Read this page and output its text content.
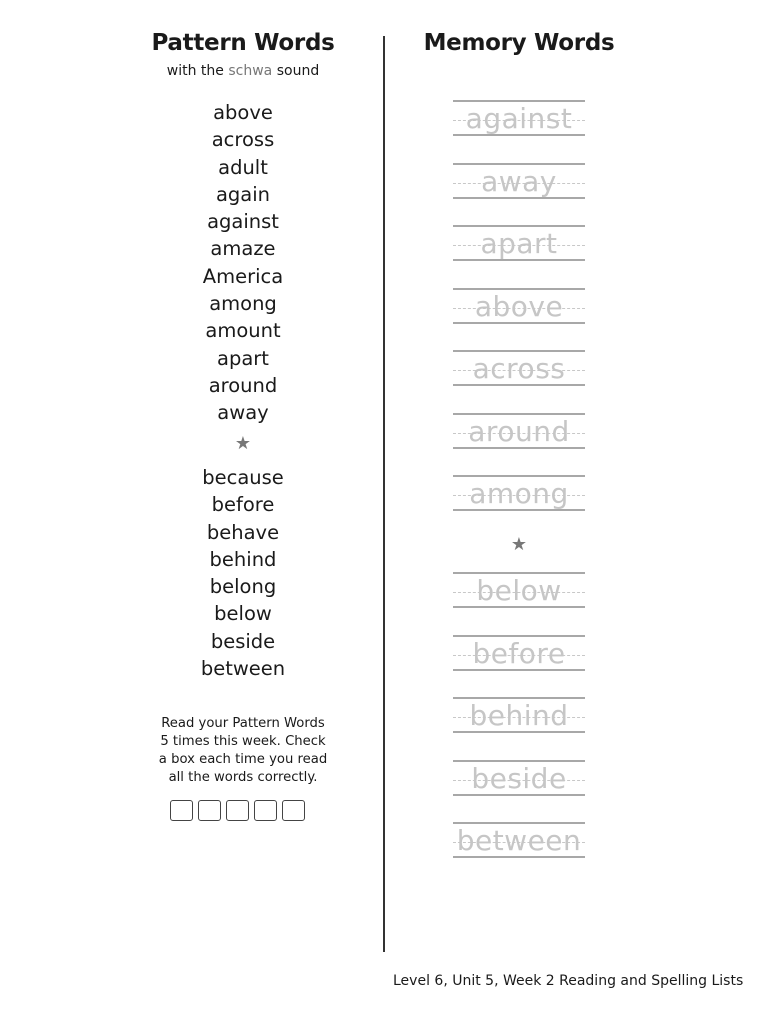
Pattern Words
with the schwa sound
above
across
adult
again
against
amaze
America
among
amount
apart
around
away
★
because
before
behave
behind
belong
below
beside
between
Read your Pattern Words 5 times this week. Check a box each time you read all the words correctly.
Memory Words
★
against
away
apart
above
across
around
among
below
before
behind
beside
between
Level 6, Unit 5, Week 2 Reading and Spelling Lists
